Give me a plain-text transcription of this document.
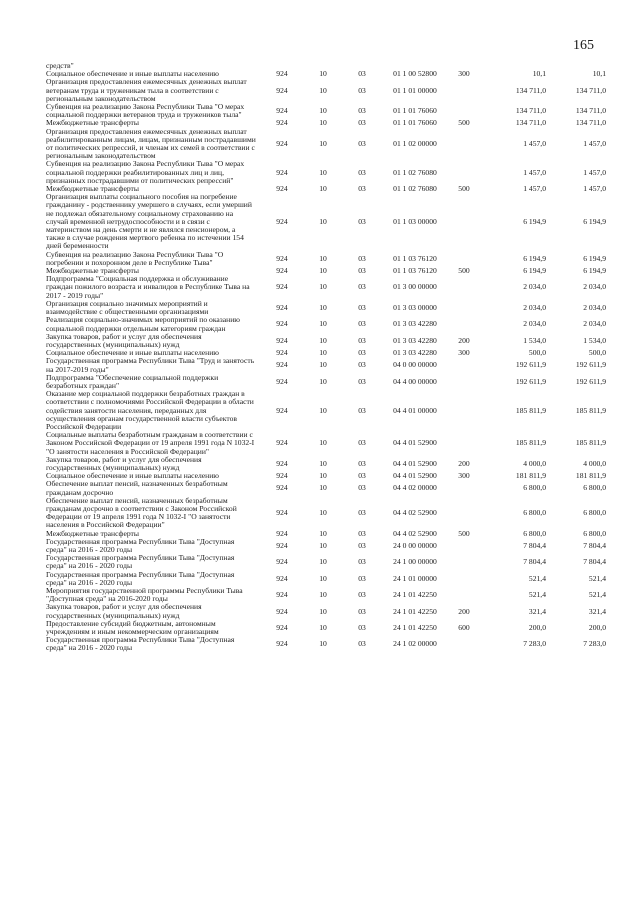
165
средств"							
Социальное обеспечение и иные выплаты населению	924	10	03	01 1 00 52800	300	10,1	10,1
Организация предоставления ежемесячных денежных выплат ветеранам труда и труженикам тыла в соответствии с региональным законодательством	924	10	03	01 1 01 00000		134 711,0	134 711,0
Субвенция на реализацию Закона Республики Тыва "О мерах социальной поддержки ветеранов труда и тружеников тыла"	924	10	03	01 1 01 76060		134 711,0	134 711,0
Межбюджетные трансферты	924	10	03	01 1 01 76060	500	134 711,0	134 711,0
Организация предоставления ежемесячных денежных выплат реабилитированным лицам, лицам, признанным пострадавшими от политических репрессий, и членам их семей в соответствии с региональным законодательством	924	10	03	01 1 02 00000		1 457,0	1 457,0
Субвенция на реализацию Закона Республики Тыва "О мерах социальной поддержки реабилитированных лиц и лиц, признанных пострадавшими от политических репрессий"	924	10	03	01 1 02 76080		1 457,0	1 457,0
Межбюджетные трансферты	924	10	03	01 1 02 76080	500	1 457,0	1 457,0
Организация выплаты социального пособия на погребение гражданину - родственнику умершего в случаях, если умерший не подлежал обязательному социальному страхованию на случай временной нетрудоспособности и в связи с материнством на день смерти и не являлся пенсионером, а также в случае рождения мертвого ребенка по истечении 154 дней беременности	924	10	03	01 1 03 00000		6 194,9	6 194,9
Субвенция на реализацию Закона Республики Тыва "О погребении и похоронном деле в Республике Тыва"	924	10	03	01 1 03 76120		6 194,9	6 194,9
Межбюджетные трансферты	924	10	03	01 1 03 76120	500	6 194,9	6 194,9
Подпрограмма "Социальная поддержка и обслуживание граждан пожилого возраста и инвалидов в Республике Тыва на 2017 - 2019 годы"	924	10	03	01 3 00 00000		2 034,0	2 034,0
Организация социально значимых мероприятий и взаимодействие с общественными организациями	924	10	03	01 3 03 00000		2 034,0	2 034,0
Реализация социально-значимых мероприятий по оказанию социальной поддержки отдельным категориям граждан	924	10	03	01 3 03 42280		2 034,0	2 034,0
Закупка товаров, работ и услуг для обеспечения государственных (муниципальных) нужд	924	10	03	01 3 03 42280	200	1 534,0	1 534,0
Социальное обеспечение и иные выплаты населению	924	10	03	01 3 03 42280	300	500,0	500,0
Государственная программа Республики Тыва "Труд и занятость на 2017-2019 годы"	924	10	03	04 0 00 00000		192 611,9	192 611,9
Подпрограмма "Обеспечение социальной поддержки безработных граждан"	924	10	03	04 4 00 00000		192 611,9	192 611,9
Оказание мер социальной поддержки безработных граждан в соответствии с полномочиями Российской Федерации в области содействия занятости населения, переданных для осуществления органам государственной власти субъектов Российской Федерации	924	10	03	04 4 01 00000		185 811,9	185 811,9
Социальные выплаты безработным гражданам в соответствии с Законом Российской Федерации от 19 апреля 1991 года N 1032-I "О занятости населения в Российской Федерации"	924	10	03	04 4 01 52900		185 811,9	185 811,9
Закупка товаров, работ и услуг для обеспечения государственных (муниципальных) нужд	924	10	03	04 4 01 52900	200	4 000,0	4 000,0
Социальное обеспечение и иные выплаты населению	924	10	03	04 4 01 52900	300	181 811,9	181 811,9
Обеспечение выплат пенсий, назначенных безработным гражданам досрочно	924	10	03	04 4 02 00000		6 800,0	6 800,0
Обеспечение выплат пенсий, назначенных безработным гражданам досрочно в соответствии с Законом Российской Федерации от 19 апреля 1991 года N 1032-I "О занятости населения в Российской Федерации"	924	10	03	04 4 02 52900		6 800,0	6 800,0
Межбюджетные трансферты	924	10	03	04 4 02 52900	500	6 800,0	6 800,0
Государственная программа Республики Тыва "Доступная среда" на 2016 - 2020 годы	924	10	03	24 0 00 00000		7 804,4	7 804,4
Государственная программа Республики Тыва "Доступная среда" на 2016 - 2020 годы	924	10	03	24 1 00 00000		7 804,4	7 804,4
Государственная программа Республики Тыва "Доступная среда" на 2016 - 2020 годы	924	10	03	24 1 01 00000		521,4	521,4
Мероприятия государственной программы Республики Тыва "Доступная среда" на 2016-2020 годы	924	10	03	24 1 01 42250		521,4	521,4
Закупка товаров, работ и услуг для обеспечения государственных (муниципальных) нужд	924	10	03	24 1 01 42250	200	321,4	321,4
Предоставление субсидий бюджетным, автономным учреждениям и иным некоммерческим организациям	924	10	03	24 1 01 42250	600	200,0	200,0
Государственная программа Республики Тыва "Доступная среда" на 2016 - 2020 годы	924	10	03	24 1 02 00000		7 283,0	7 283,0
